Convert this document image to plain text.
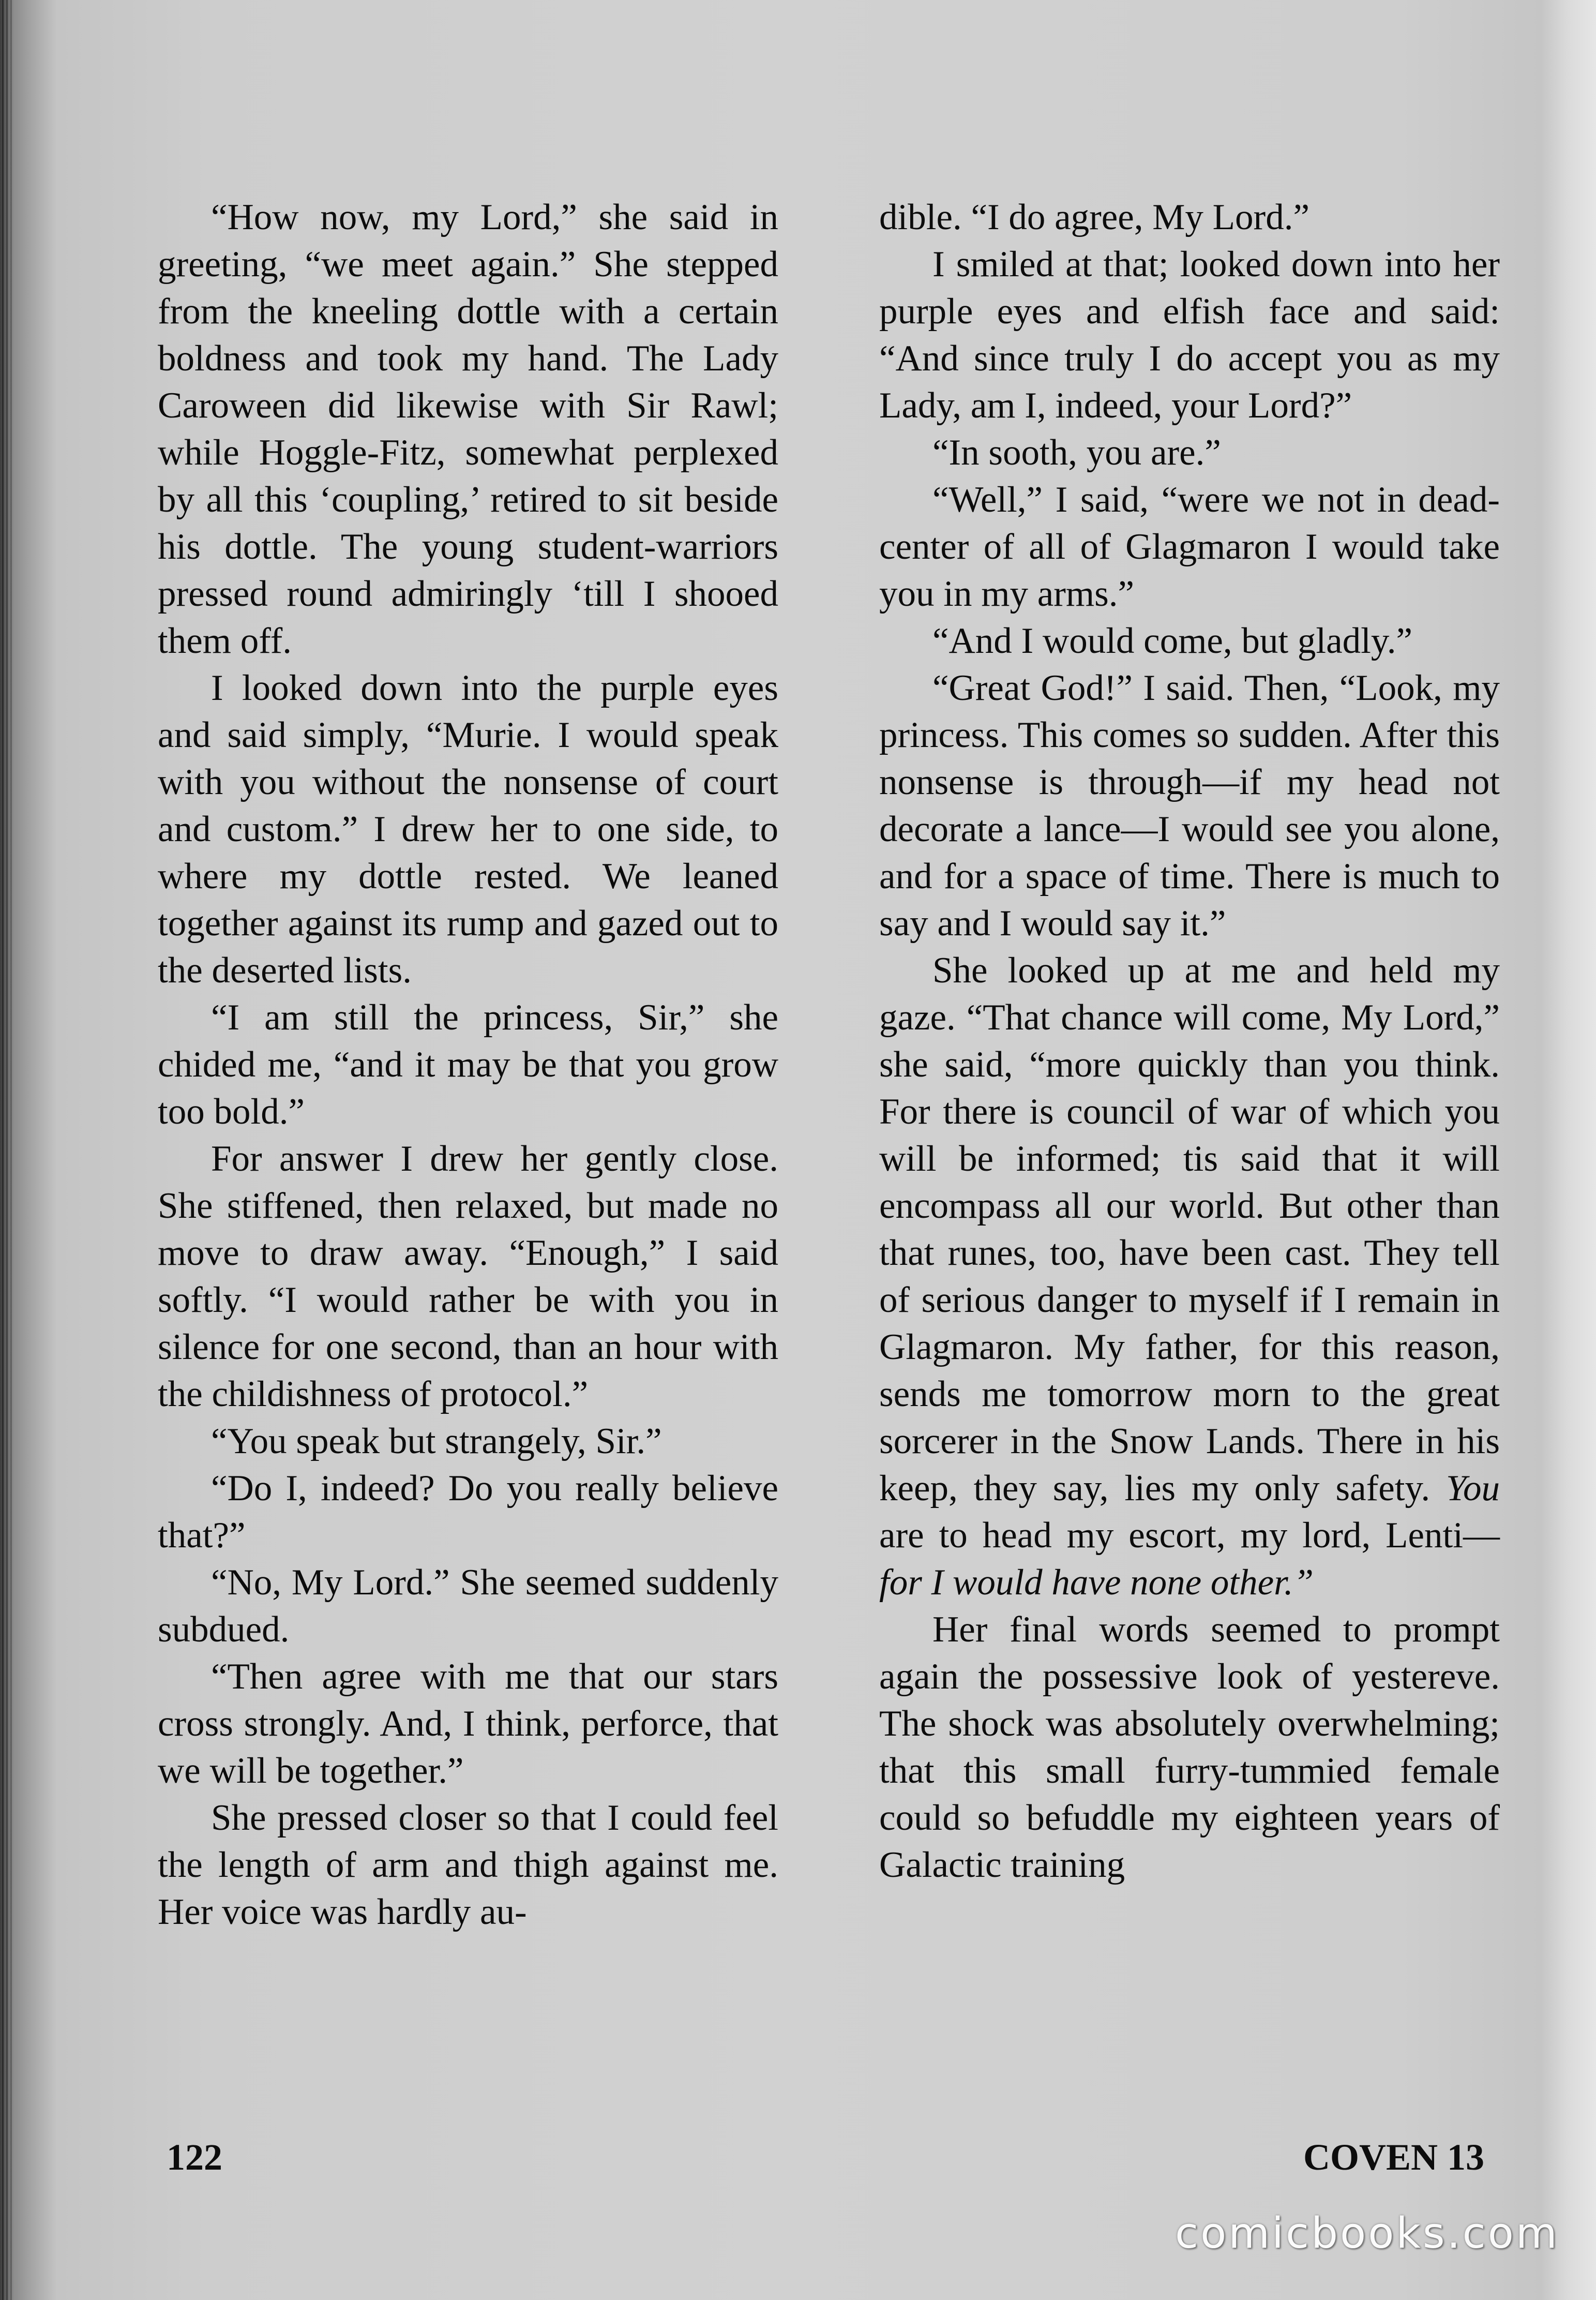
“How now, my Lord,” she said in greeting, “we meet again.” She stepped from the kneeling dottle with a certain boldness and took my hand. The Lady Caroween did likewise with Sir Rawl; while Hoggle-Fitz, somewhat perplexed by all this ‘coupling,’ retired to sit beside his dottle. The young student-warriors pressed round admiringly ‘till I shooed them off.

I looked down into the purple eyes and said simply, “Murie. I would speak with you without the nonsense of court and custom.” I drew her to one side, to where my dottle rested. We leaned together against its rump and gazed out to the deserted lists.

“I am still the princess, Sir,” she chided me, “and it may be that you grow too bold.”

For answer I drew her gently close. She stiffened, then relaxed, but made no move to draw away. “Enough,” I said softly. “I would rather be with you in silence for one second, than an hour with the childishness of protocol.”

“You speak but strangely, Sir.”

“Do I, indeed? Do you really believe that?”

“No, My Lord.” She seemed suddenly subdued.

“Then agree with me that our stars cross strongly. And, I think, perforce, that we will be together.”

She pressed closer so that I could feel the length of arm and thigh against me. Her voice was hardly au-

dible. “I do agree, My Lord.”

I smiled at that; looked down into her purple eyes and elfish face and said: “And since truly I do accept you as my Lady, am I, indeed, your Lord?”

“In sooth, you are.”

“Well,” I said, “were we not in dead-center of all of Glagmaron I would take you in my arms.”

“And I would come, but gladly.”

“Great God!” I said. Then, “Look, my princess. This comes so sudden. After this nonsense is through—if my head not decorate a lance—I would see you alone, and for a space of time. There is much to say and I would say it.”

She looked up at me and held my gaze. “That chance will come, My Lord,” she said, “more quickly than you think. For there is council of war of which you will be informed; tis said that it will encompass all our world. But other than that runes, too, have been cast. They tell of serious danger to myself if I remain in Glagmaron. My father, for this reason, sends me tomorrow morn to the great sorcerer in the Snow Lands. There in his keep, they say, lies my only safety. You are to head my escort, my lord, Lenti—for I would have none other.”

Her final words seemed to prompt again the possessive look of yestereve. The shock was absolutely overwhelming; that this small furry-tummied female could so befuddle my eighteen years of Galactic training

122	COVEN 13
comicbooks.com
